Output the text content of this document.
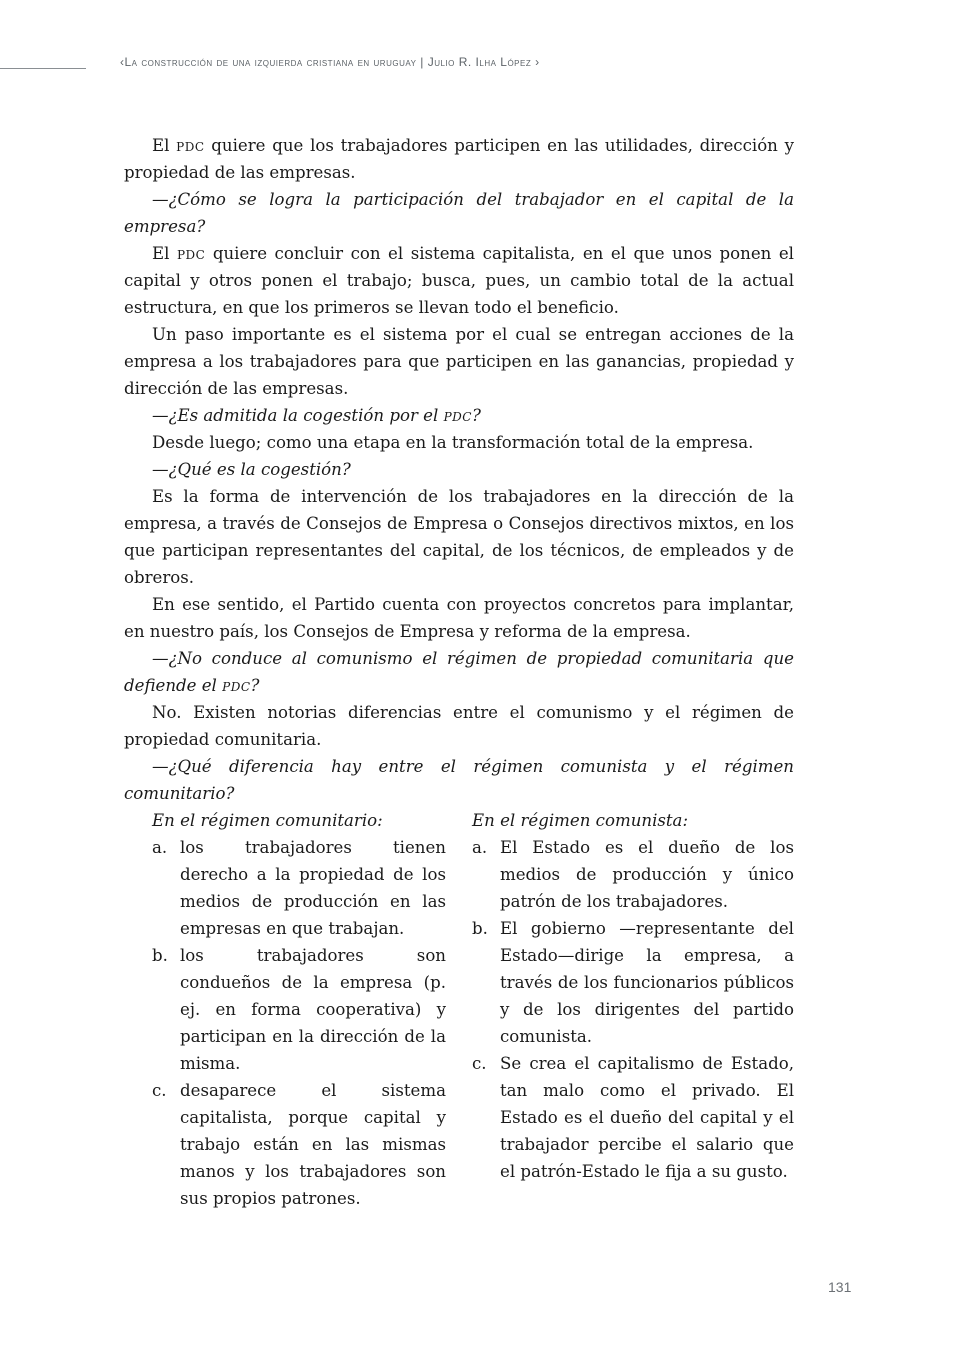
‹La construcción de una izquierda cristiana en uruguay | Julio R. Ilha López ›

El pdc quiere que los trabajadores participen en las utilidades, dirección y propiedad de las empresas.

—¿Cómo se logra la participación del trabajador en el capital de la empresa?

El pdc quiere concluir con el sistema capitalista, en el que unos ponen el capital y otros ponen el trabajo; busca, pues, un cambio total de la actual estructura, en que los primeros se llevan todo el beneficio.

Un paso importante es el sistema por el cual se entregan acciones de la empresa a los trabajadores para que participen en las ganancias, propiedad y dirección de las empresas.

—¿Es admitida la cogestión por el pdc?

Desde luego; como una etapa en la transformación total de la empresa.

—¿Qué es la cogestión?

Es la forma de intervención de los trabajadores en la dirección de la empresa, a través de Consejos de Empresa o Consejos directivos mixtos, en los que participan representantes del capital, de los técnicos, de empleados y de obreros.

En ese sentido, el Partido cuenta con proyectos concretos para implantar, en nuestro país, los Consejos de Empresa y reforma de la empresa.

—¿No conduce al comunismo el régimen de propiedad comunitaria que defiende el pdc?

No. Existen notorias diferencias entre el comunismo y el régimen de propiedad comunitaria.

—¿Qué diferencia hay entre el régimen comunista y el régimen comunitario?

En el régimen comunitario:

a. los trabajadores tienen derecho a la propiedad de los medios de producción en las empresas en que trabajan.
b. los trabajadores son condueños de la empresa (p. ej. en forma cooperativa) y participan en la dirección de la misma.
c. desaparece el sistema capitalista, porque capital y trabajo están en las mismas manos y los trabajadores son sus propios patrones.

En el régimen comunista:

a. El Estado es el dueño de los medios de producción y único patrón de los trabajadores.
b. El gobierno —representante del Estado—dirige la empresa, a través de los funcionarios públicos y de los dirigentes del partido comunista.
c. Se crea el capitalismo de Estado, tan malo como el privado. El Estado es el dueño del capital y el trabajador percibe el salario que el patrón-Estado le fija a su gusto.
131
